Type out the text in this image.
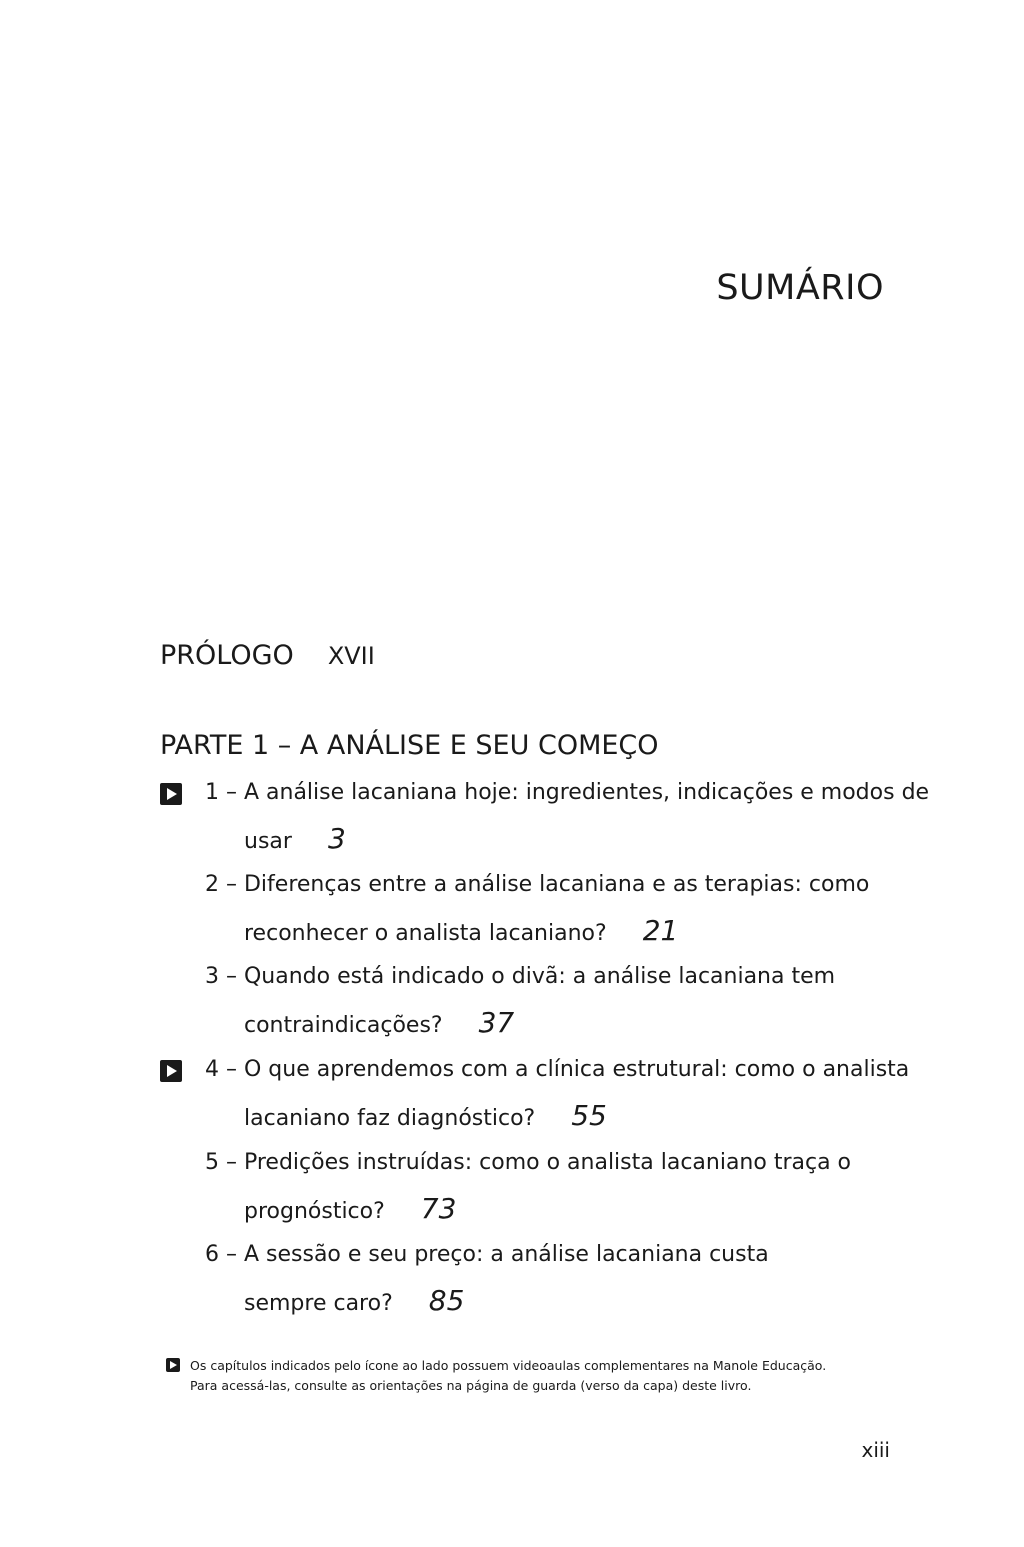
SUMÁRIO
PRÓLOGO XVII
PARTE 1 – A ANÁLISE E SEU COMEÇO
1 – A análise lacaniana hoje: ingredientes, indicações e modos de
usar 3
2 – Diferenças entre a análise lacaniana e as terapias: como
reconhecer o analista lacaniano? 21
3 – Quando está indicado o divã: a análise lacaniana tem
contraindicações? 37
4 – O que aprendemos com a clínica estrutural: como o analista
lacaniano faz diagnóstico? 55
5 – Predições instruídas: como o analista lacaniano traça o
prognóstico? 73
6 – A sessão e seu preço: a análise lacaniana custa
sempre caro? 85
Os capítulos indicados pelo ícone ao lado possuem videoaulas complementares na Manole Educação.
Para acessá-las, consulte as orientações na página de guarda (verso da capa) deste livro.
xiii
